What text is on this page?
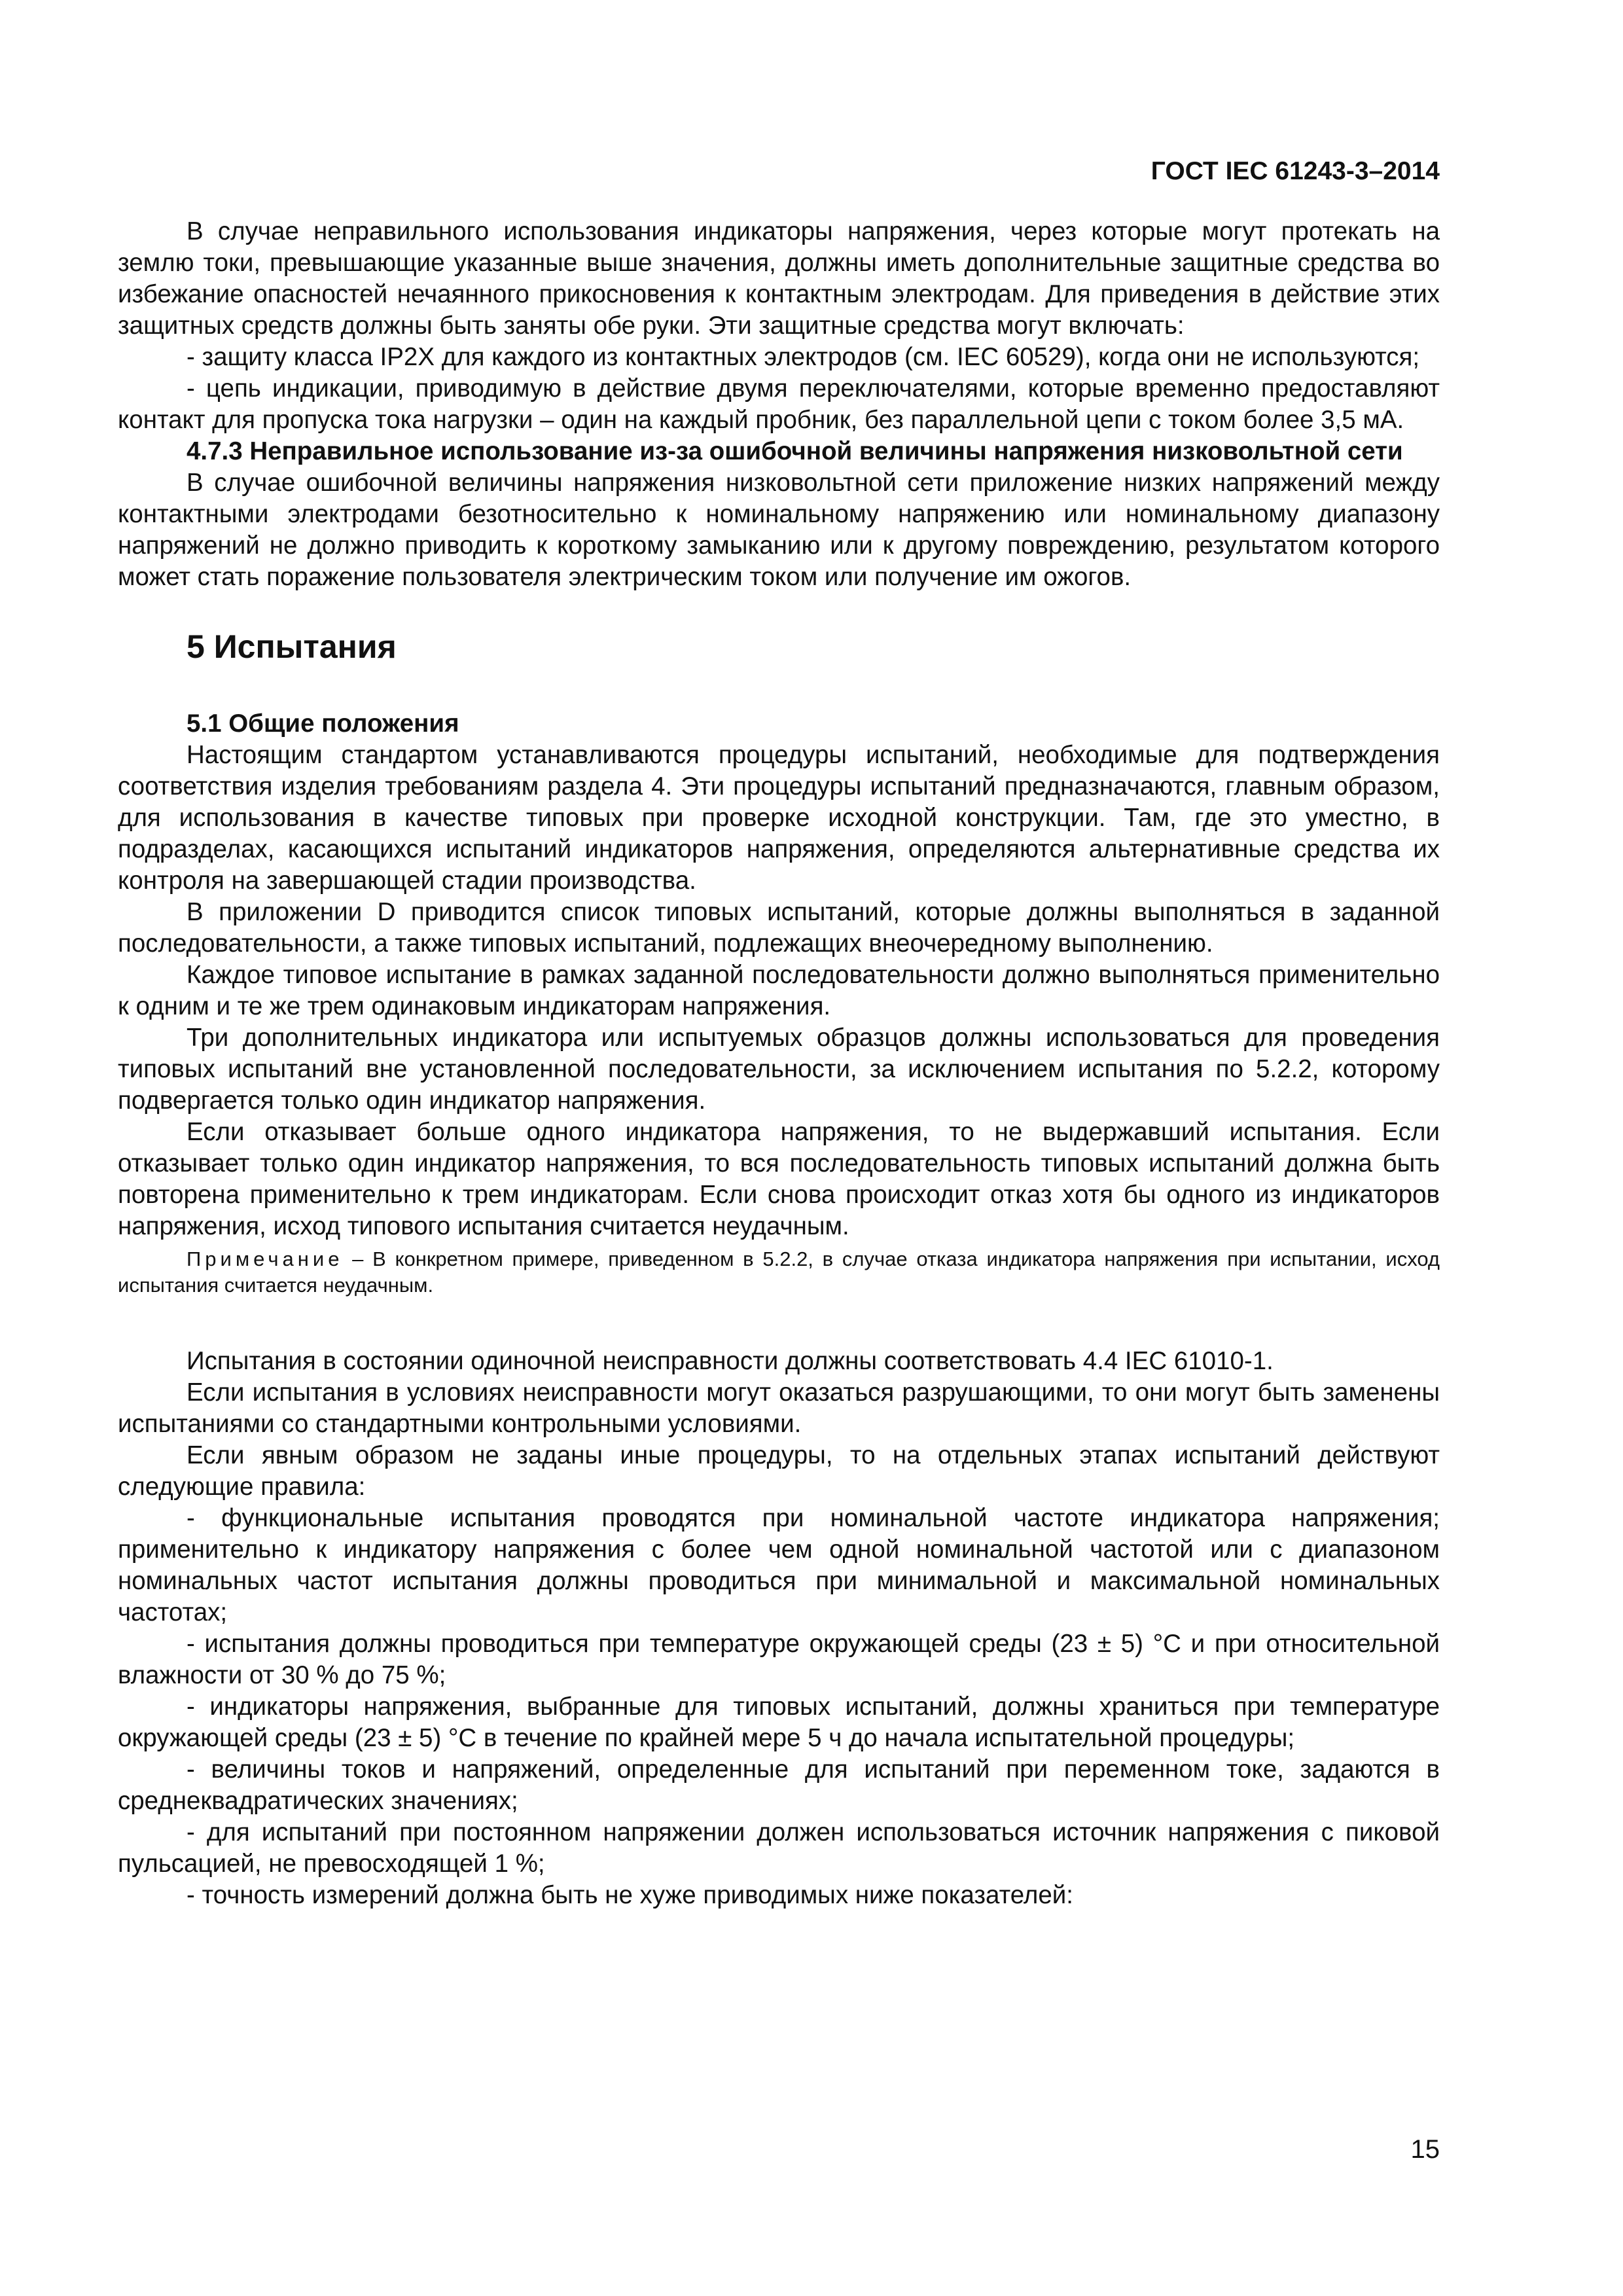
ГОСТ IEC 61243-3–2014

В случае неправильного использования индикаторы напряжения, через которые могут протекать на землю токи, превышающие указанные выше значения, должны иметь дополнительные защитные средства во избежание опасностей нечаянного прикосновения к контактным электродам. Для приведения в действие этих защитных средств должны быть заняты обе руки. Эти защитные средства могут включать:

- защиту класса IP2X для каждого из контактных электродов (см. IEC 60529), когда они не используются;

- цепь индикации, приводимую в действие двумя переключателями, которые временно предоставляют контакт для пропуска тока нагрузки – один на каждый пробник, без параллельной цепи с током более 3,5 мА.

4.7.3 Неправильное использование из-за ошибочной величины напряжения низковольтной сети

В случае ошибочной величины напряжения низковольтной сети приложение низких напряжений между контактными электродами безотносительно к номинальному напряжению или номинальному диапазону напряжений не должно приводить к короткому замыканию или к другому повреждению, результатом которого может стать поражение пользователя электрическим током или получение им ожогов.

5 Испытания
5.1 Общие положения

Настоящим стандартом устанавливаются процедуры испытаний, необходимые для подтверждения соответствия изделия требованиям раздела 4. Эти процедуры испытаний предназначаются, главным образом, для использования в качестве типовых при проверке исходной конструкции. Там, где это уместно, в подразделах, касающихся испытаний индикаторов напряжения, определяются альтернативные средства их контроля на завершающей стадии производства.

В приложении D приводится список типовых испытаний, которые должны выполняться в заданной последовательности, а также типовых испытаний, подлежащих внеочередному выполнению.

Каждое типовое испытание в рамках заданной последовательности должно выполняться применительно к одним и те же трем одинаковым индикаторам напряжения.

Три дополнительных индикатора или испытуемых образцов должны использоваться для проведения типовых испытаний вне установленной последовательности, за исключением испытания по 5.2.2, которому подвергается только один индикатор напряжения.

Если отказывает больше одного индикатора напряжения, то не выдержавший испытания. Если отказывает только один индикатор напряжения, то вся последовательность типовых испытаний должна быть повторена применительно к трем индикаторам. Если снова происходит отказ хотя бы одного из индикаторов напряжения, исход типового испытания считается неудачным.

Примечание – В конкретном примере, приведенном в 5.2.2, в случае отказа индикатора напряжения при испытании, исход испытания считается неудачным.

Испытания в состоянии одиночной неисправности должны соответствовать 4.4 IEC 61010-1.

Если испытания в условиях неисправности могут оказаться разрушающими, то они могут быть заменены испытаниями со стандартными контрольными условиями.

Если явным образом не заданы иные процедуры, то на отдельных этапах испытаний действуют следующие правила:

- функциональные испытания проводятся при номинальной частоте индикатора напряжения; применительно к индикатору напряжения с более чем одной номинальной частотой или с диапазоном номинальных частот испытания должны проводиться при минимальной и максимальной номинальных частотах;

- испытания должны проводиться при температуре окружающей среды (23 ± 5) °С и при относительной влажности от 30 % до 75 %;

- индикаторы напряжения, выбранные для типовых испытаний, должны храниться при температуре окружающей среды (23 ± 5) °С в течение по крайней мере 5 ч до начала испытательной процедуры;

- величины токов и напряжений, определенные для испытаний при переменном токе, задаются в среднеквадратических значениях;

- для испытаний при постоянном напряжении должен использоваться источник напряжения с пиковой пульсацией, не превосходящей 1 %;

- точность измерений должна быть не хуже приводимых ниже показателей:

15
